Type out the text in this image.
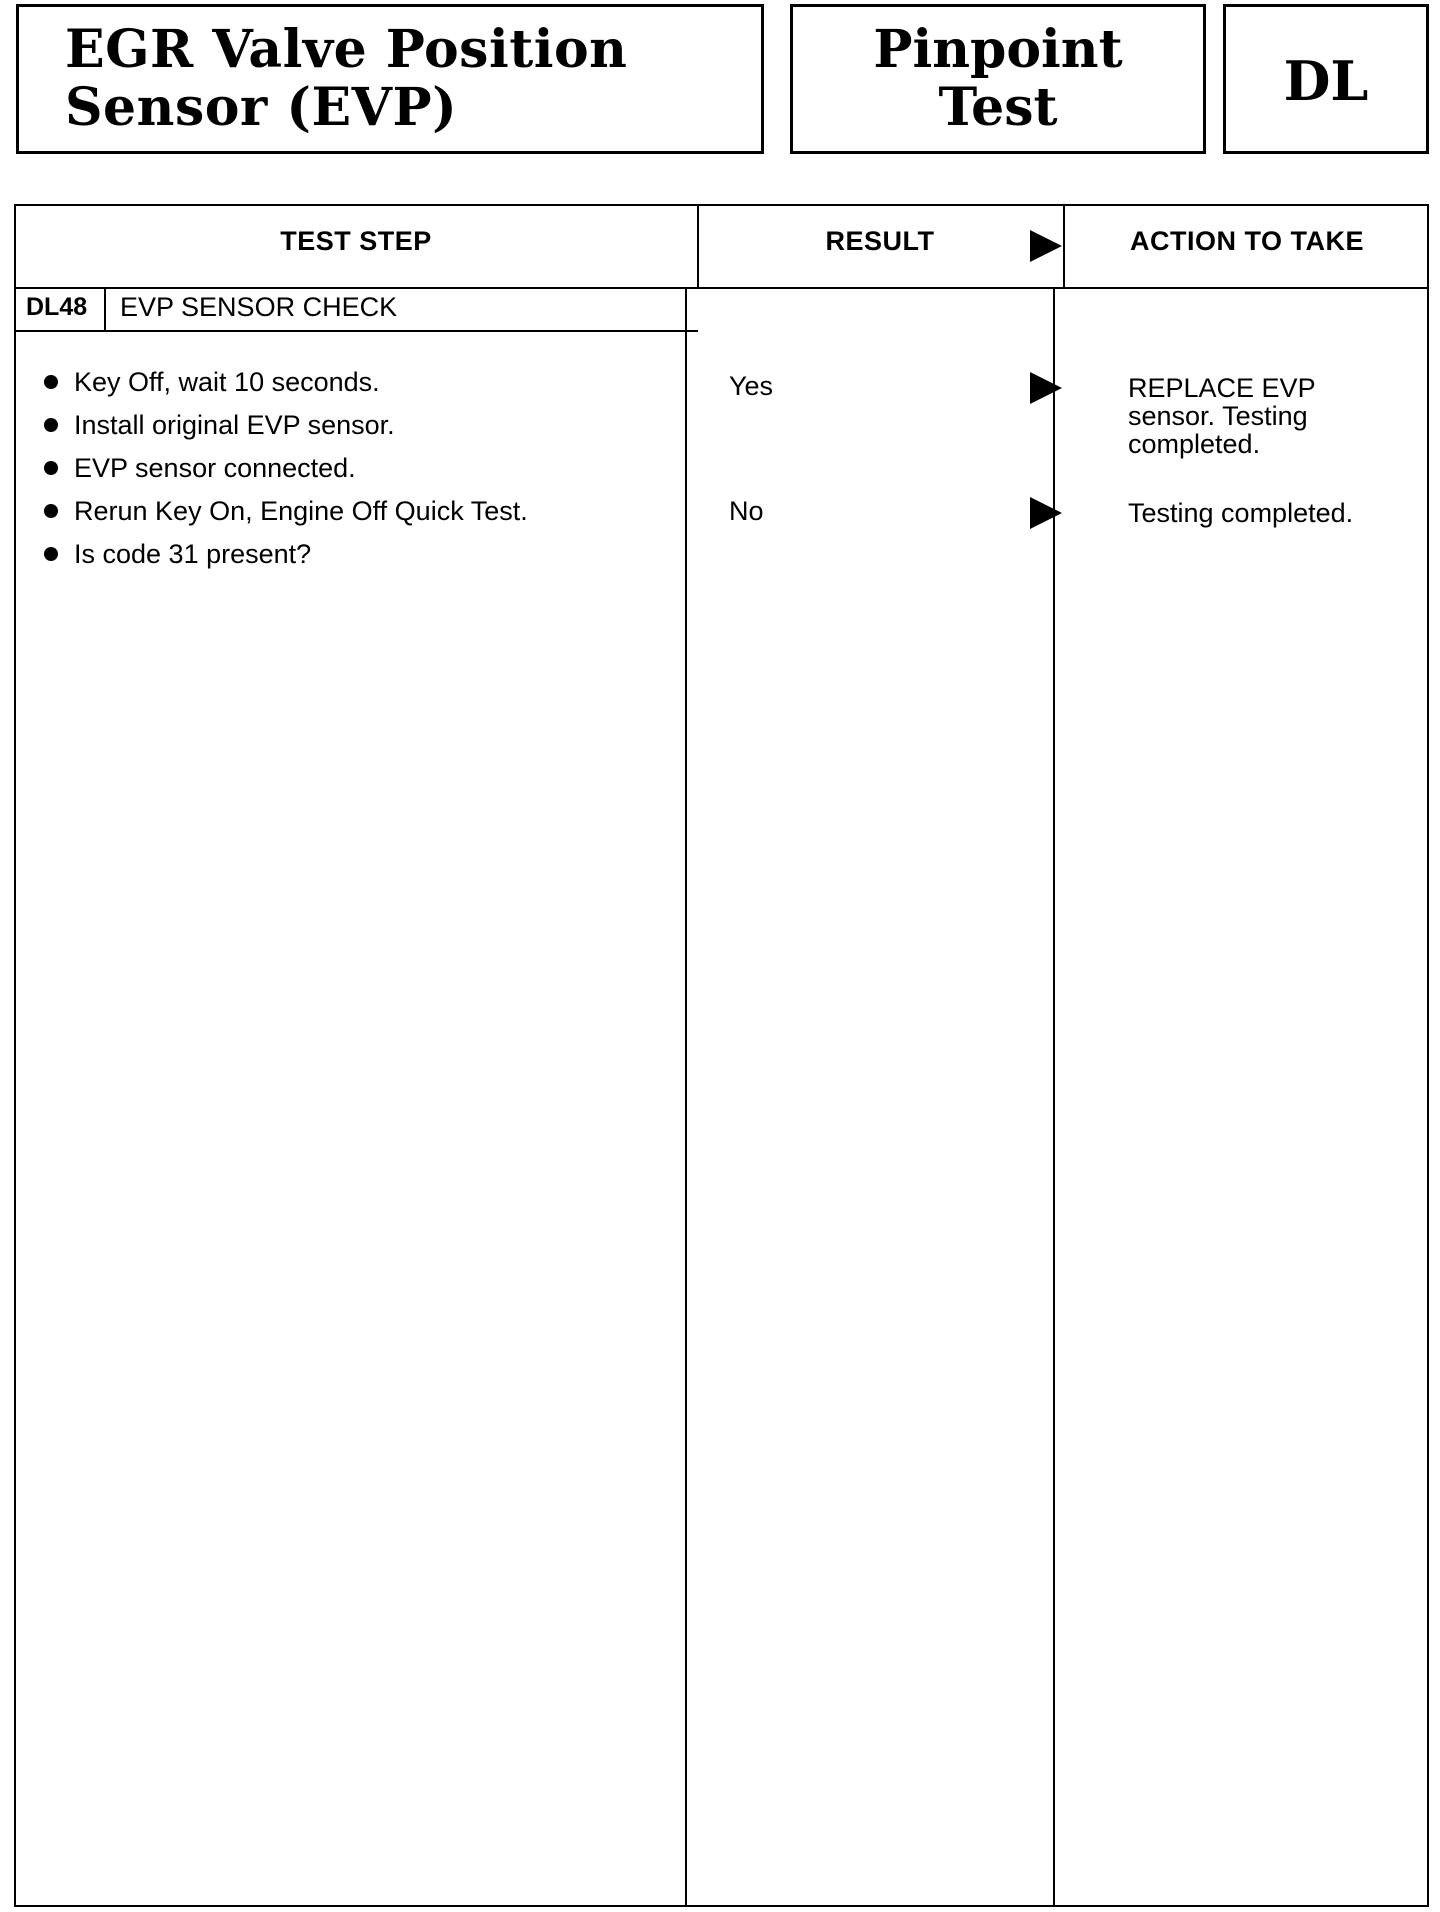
EGR Valve Position
Sensor (EVP)
Pinpoint
Test	DL
TEST STEP	RESULT	ACTION TO TAKE
DL48 EVP SENSOR CHECK
Key Off, wait 10 seconds.
Install original EVP sensor.
EVP sensor connected.
Rerun Key On, Engine Off Quick Test.
Is code 31 present?
Yes	REPLACE EVP
sensor. Testing
completed.
No	Testing completed.
